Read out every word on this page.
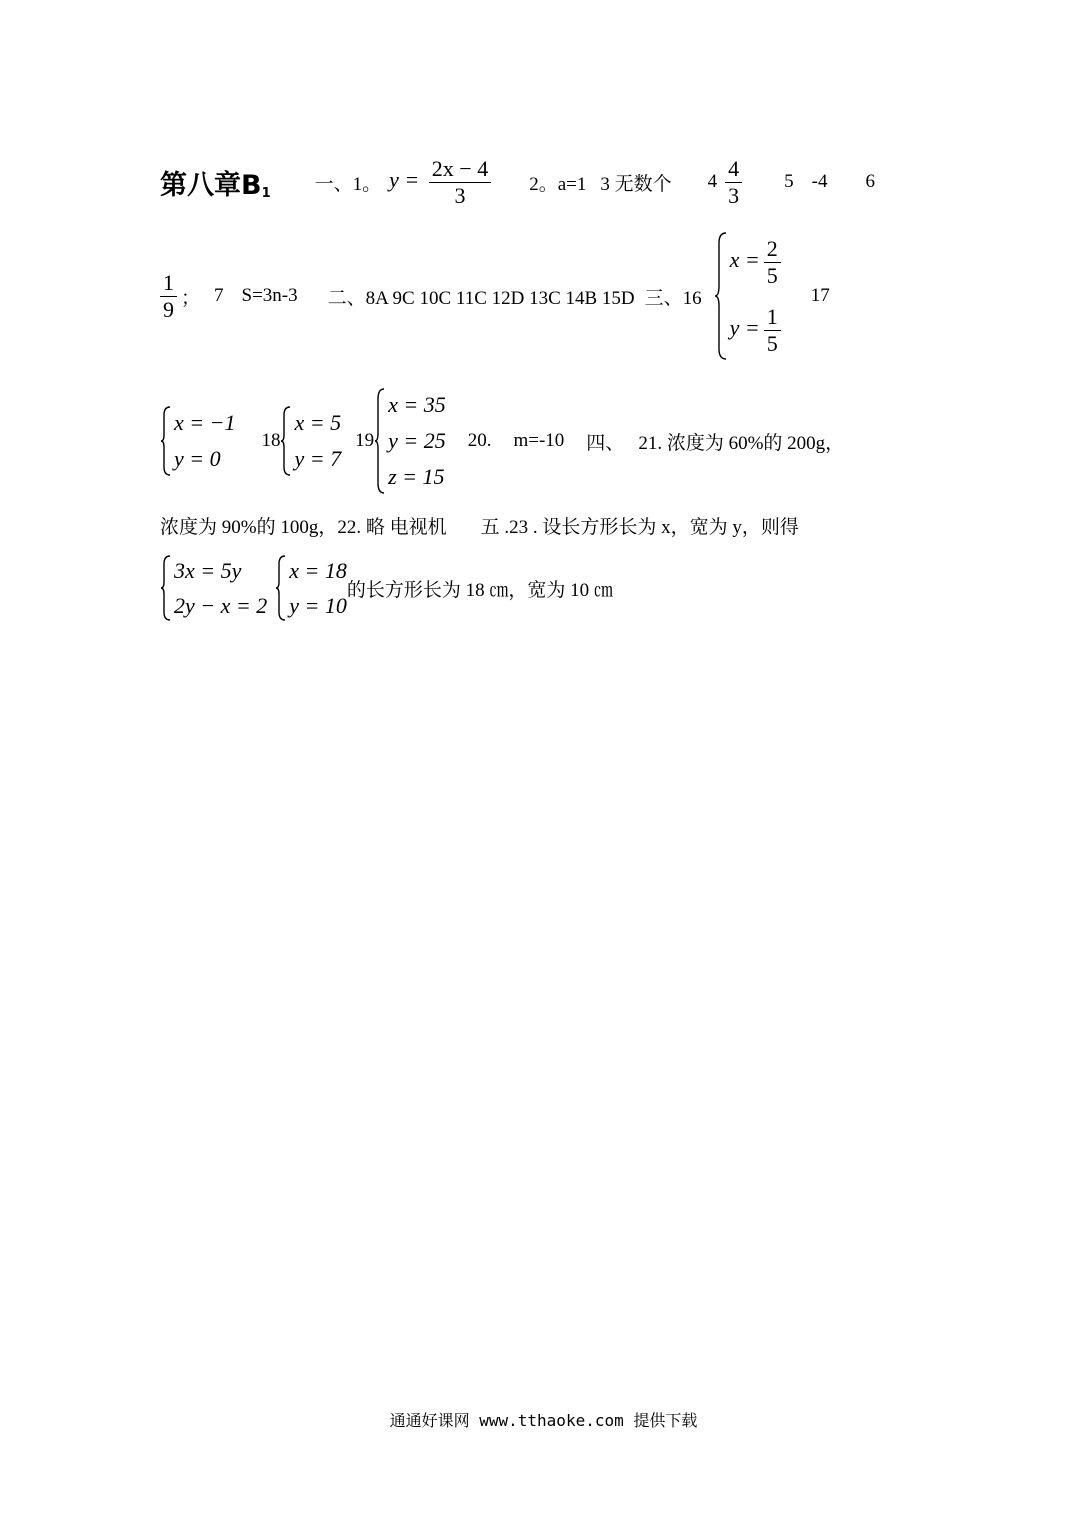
第八章$B_1$ 一、1。 $y = \frac{2x - 4}{3} 2$。a=1 3 无数个 $4 \frac{4}{3} 5$ -4 6
$\frac{1}{9}$ ； 7 S=3n-3 二、8A 9C 10C 11C 12D 13C 14B 15D 三、16
$x = \frac{2}{5}$
$y = \frac{1}{5}$
17
x = −1
y = 0
18
x = 5
y = 7
19
x = 35
y = 25
z = 15
20. m=-10 四、 21. 浓度为 60%的 200g，
浓度为 90%的 100g，22. 略 电视机 五 .23 . 设长方形长为 x，宽为 y，则得
3x = 5y
2y − x = 2
x = 18
y = 10
的长方形长为 18 ㎝，宽为 10 ㎝
通通好课网 www.tthaoke.com 提供下载
